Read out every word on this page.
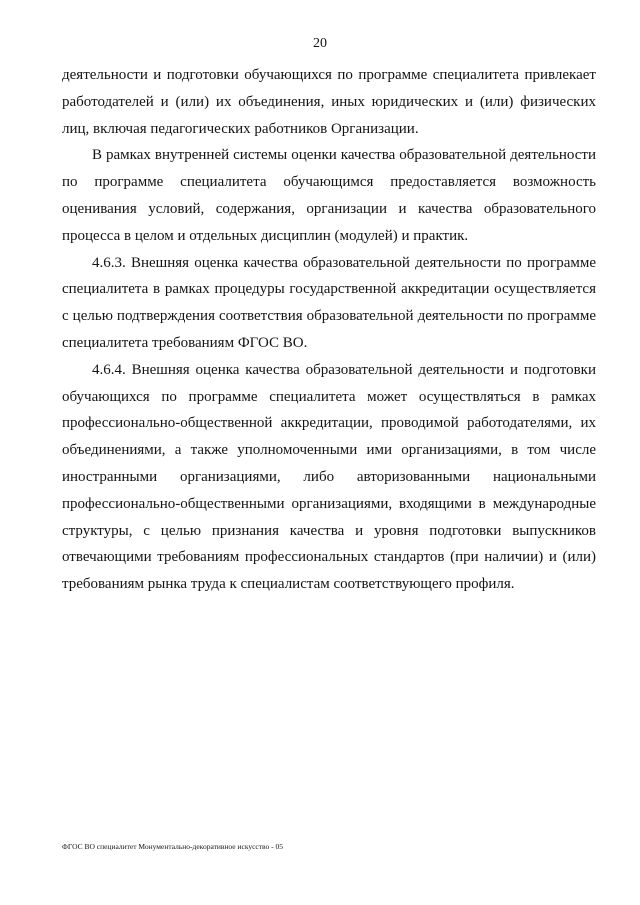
20

деятельности и подготовки обучающихся по программе специалитета привлекает работодателей и (или) их объединения, иных юридических и (или) физических лиц, включая педагогических работников Организации.

В рамках внутренней системы оценки качества образовательной деятельности по программе специалитета обучающимся предоставляется возможность оценивания условий, содержания, организации и качества образовательного процесса в целом и отдельных дисциплин (модулей) и практик.

4.6.3. Внешняя оценка качества образовательной деятельности по программе специалитета в рамках процедуры государственной аккредитации осуществляется с целью подтверждения соответствия образовательной деятельности по программе специалитета требованиям ФГОС ВО.

4.6.4. Внешняя оценка качества образовательной деятельности и подготовки обучающихся по программе специалитета может осуществляться в рамках профессионально-общественной аккредитации, проводимой работодателями, их объединениями, а также уполномоченными ими организациями, в том числе иностранными организациями, либо авторизованными национальными профессионально-общественными организациями, входящими в международные структуры, с целью признания качества и уровня подготовки выпускников отвечающими требованиям профессиональных стандартов (при наличии) и (или) требованиям рынка труда к специалистам соответствующего профиля.

ФГОС ВО специалитет Монументально-декоративное искусство - 05
